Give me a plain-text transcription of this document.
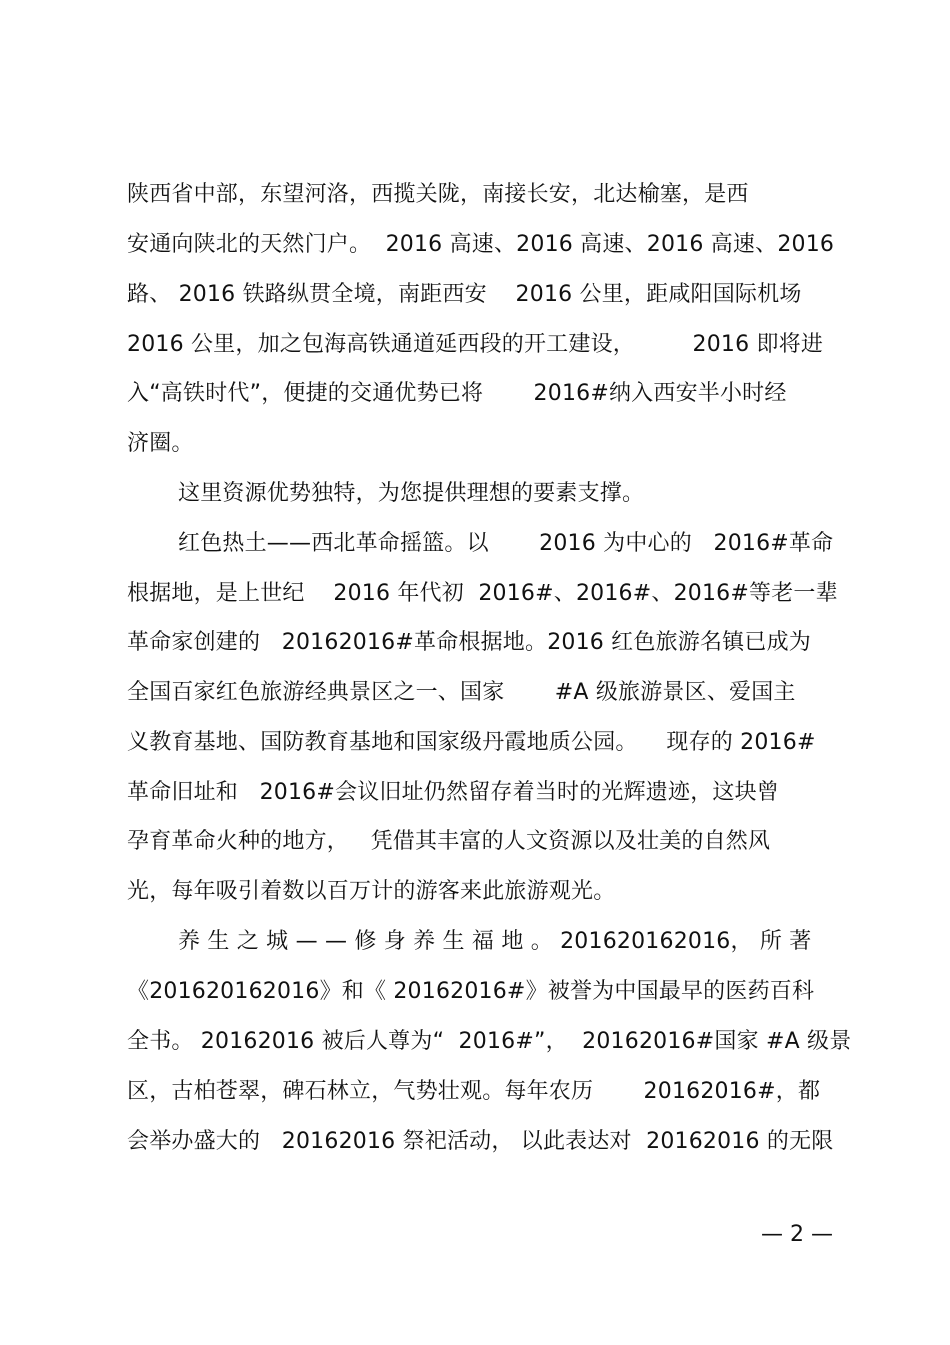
陕西省中部，东望河洛，西揽关陇，南接长安，北达榆塞，是西
安通向陕北的天然门户。  2016 高速、2016 高速、2016 高速、2016
路、 2016 铁路纵贯全境，南距西安    2016 公里，距咸阳国际机场
2016 公里，加之包海高铁通道延西段的开工建设，        2016 即将进
入“高铁时代”，便捷的交通优势已将       2016#纳入西安半小时经
济圈。
这里资源优势独特，为您提供理想的要素支撑。
红色热土——西北革命摇篮。以       2016 为中心的   2016#革命
根据地，是上世纪    2016 年代初  2016#、2016#、2016#等老一辈
革命家创建的   20162016#革命根据地。2016 红色旅游名镇已成为
全国百家红色旅游经典景区之一、国家       #A 级旅游景区、爱国主
义教育基地、国防教育基地和国家级丹霞地质公园。    现存的 2016#
革命旧址和   2016#会议旧址仍然留存着当时的光辉遗迹，这块曾
孕育革命火种的地方，   凭借其丰富的人文资源以及壮美的自然风
光，每年吸引着数以百万计的游客来此旅游观光。
养 生 之 城 — — 修 身 养 生 福 地 。 201620162016， 所 著
《201620162016》和《 20162016#》被誉为中国最早的医药百科
全书。 20162016 被后人尊为“  2016#”，  20162016#国家 #A 级景
区，古柏苍翠，碑石林立，气势壮观。每年农历       20162016#，都
会举办盛大的   20162016 祭祀活动， 以此表达对  20162016 的无限
— 2 —
